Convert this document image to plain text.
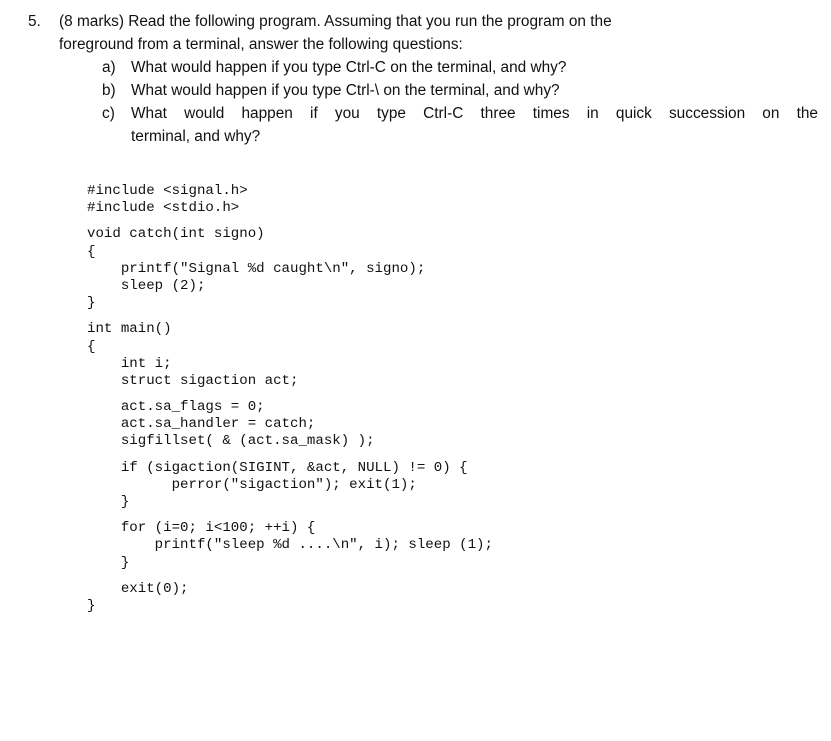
5. (8 marks) Read the following program. Assuming that you run the program on the
foreground from a terminal, answer the following questions:
a) What would happen if you type Ctrl-C on the terminal, and why?
b) What would happen if you type Ctrl-\ on the terminal, and why?
c) What would happen if you type Ctrl-C three times in quick succession on the
terminal, and why?
#include <signal.h>
#include <stdio.h>
void catch(int signo)
{
printf("Signal %d caught\n", signo);
sleep (2);
}
int main()
{
int i;
struct sigaction act;
act.sa_flags = 0;
act.sa_handler = catch;
sigfillset( & (act.sa_mask) );
if (sigaction(SIGINT, &act, NULL) != 0) {
perror("sigaction"); exit(1);
}
for (i=0; i<100; ++i) {
printf("sleep %d ....\n", i); sleep (1);
}
exit(0);
}
